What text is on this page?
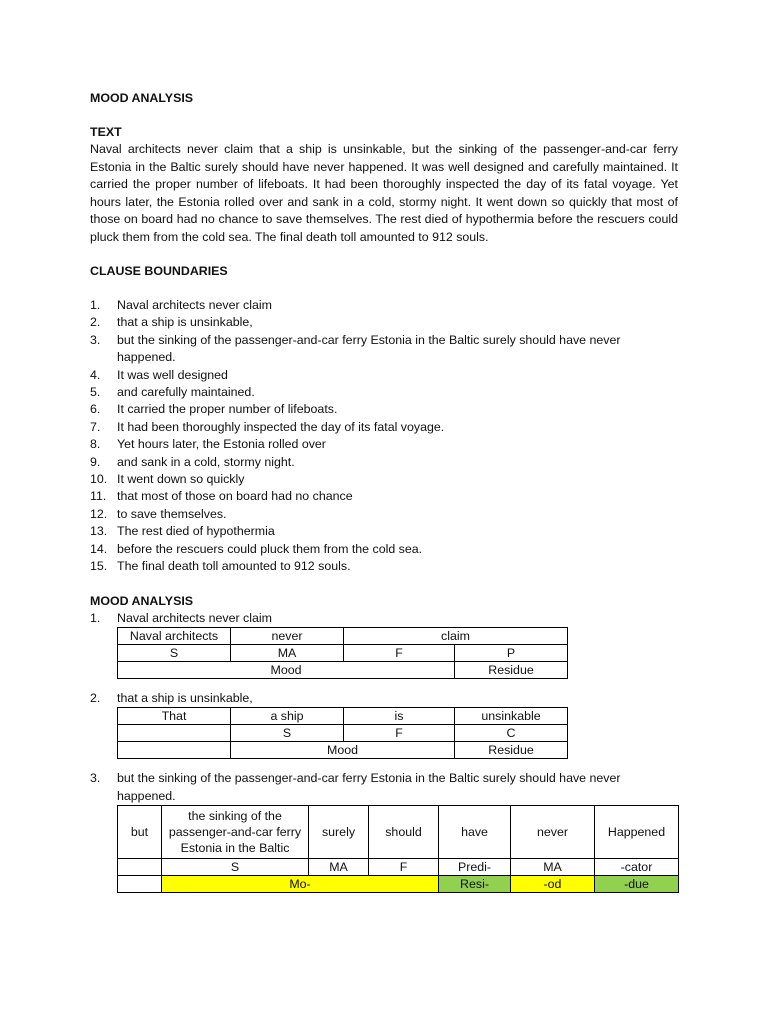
MOOD ANALYSIS
TEXT

Naval architects never claim that a ship is unsinkable, but the sinking of the passenger-and-car ferry Estonia in the Baltic surely should have never happened. It was well designed and carefully maintained. It carried the proper number of lifeboats. It had been thoroughly inspected the day of its fatal voyage. Yet hours later, the Estonia rolled over and sank in a cold, stormy night. It went down so quickly that most of those on board had no chance to save themselves. The rest died of hypothermia before the rescuers could pluck them from the cold sea. The final death toll amounted to 912 souls.

CLAUSE BOUNDARIES
1. Naval architects never claim
2. that a ship is unsinkable,
3. but the sinking of the passenger-and-car ferry Estonia in the Baltic surely should have never happened.
4. It was well designed
5. and carefully maintained.
6. It carried the proper number of lifeboats.
7. It had been thoroughly inspected the day of its fatal voyage.
8. Yet hours later, the Estonia rolled over
9. and sank in a cold, stormy night.
10. It went down so quickly
11. that most of those on board had no chance
12. to save themselves.
13. The rest died of hypothermia
14. before the rescuers could pluck them from the cold sea.
15. The final death toll amounted to 912 souls.
MOOD ANALYSIS
1. Naval architects never claim
Naval architects	never	claim	
S	MA	F	P
Mood			Residue
2. that a ship is unsinkable,
That	a ship	is	unsinkable
	S	F	C
	Mood		Residue
3. but the sinking of the passenger-and-car ferry Estonia in the Baltic surely should have never happened.
but	the sinking of the passenger-and-car ferry Estonia in the Baltic	surely	should	have	never	Happened
	S	MA	F	Predi-	MA	-cator
	Mo-			Resi-	-od	-due
